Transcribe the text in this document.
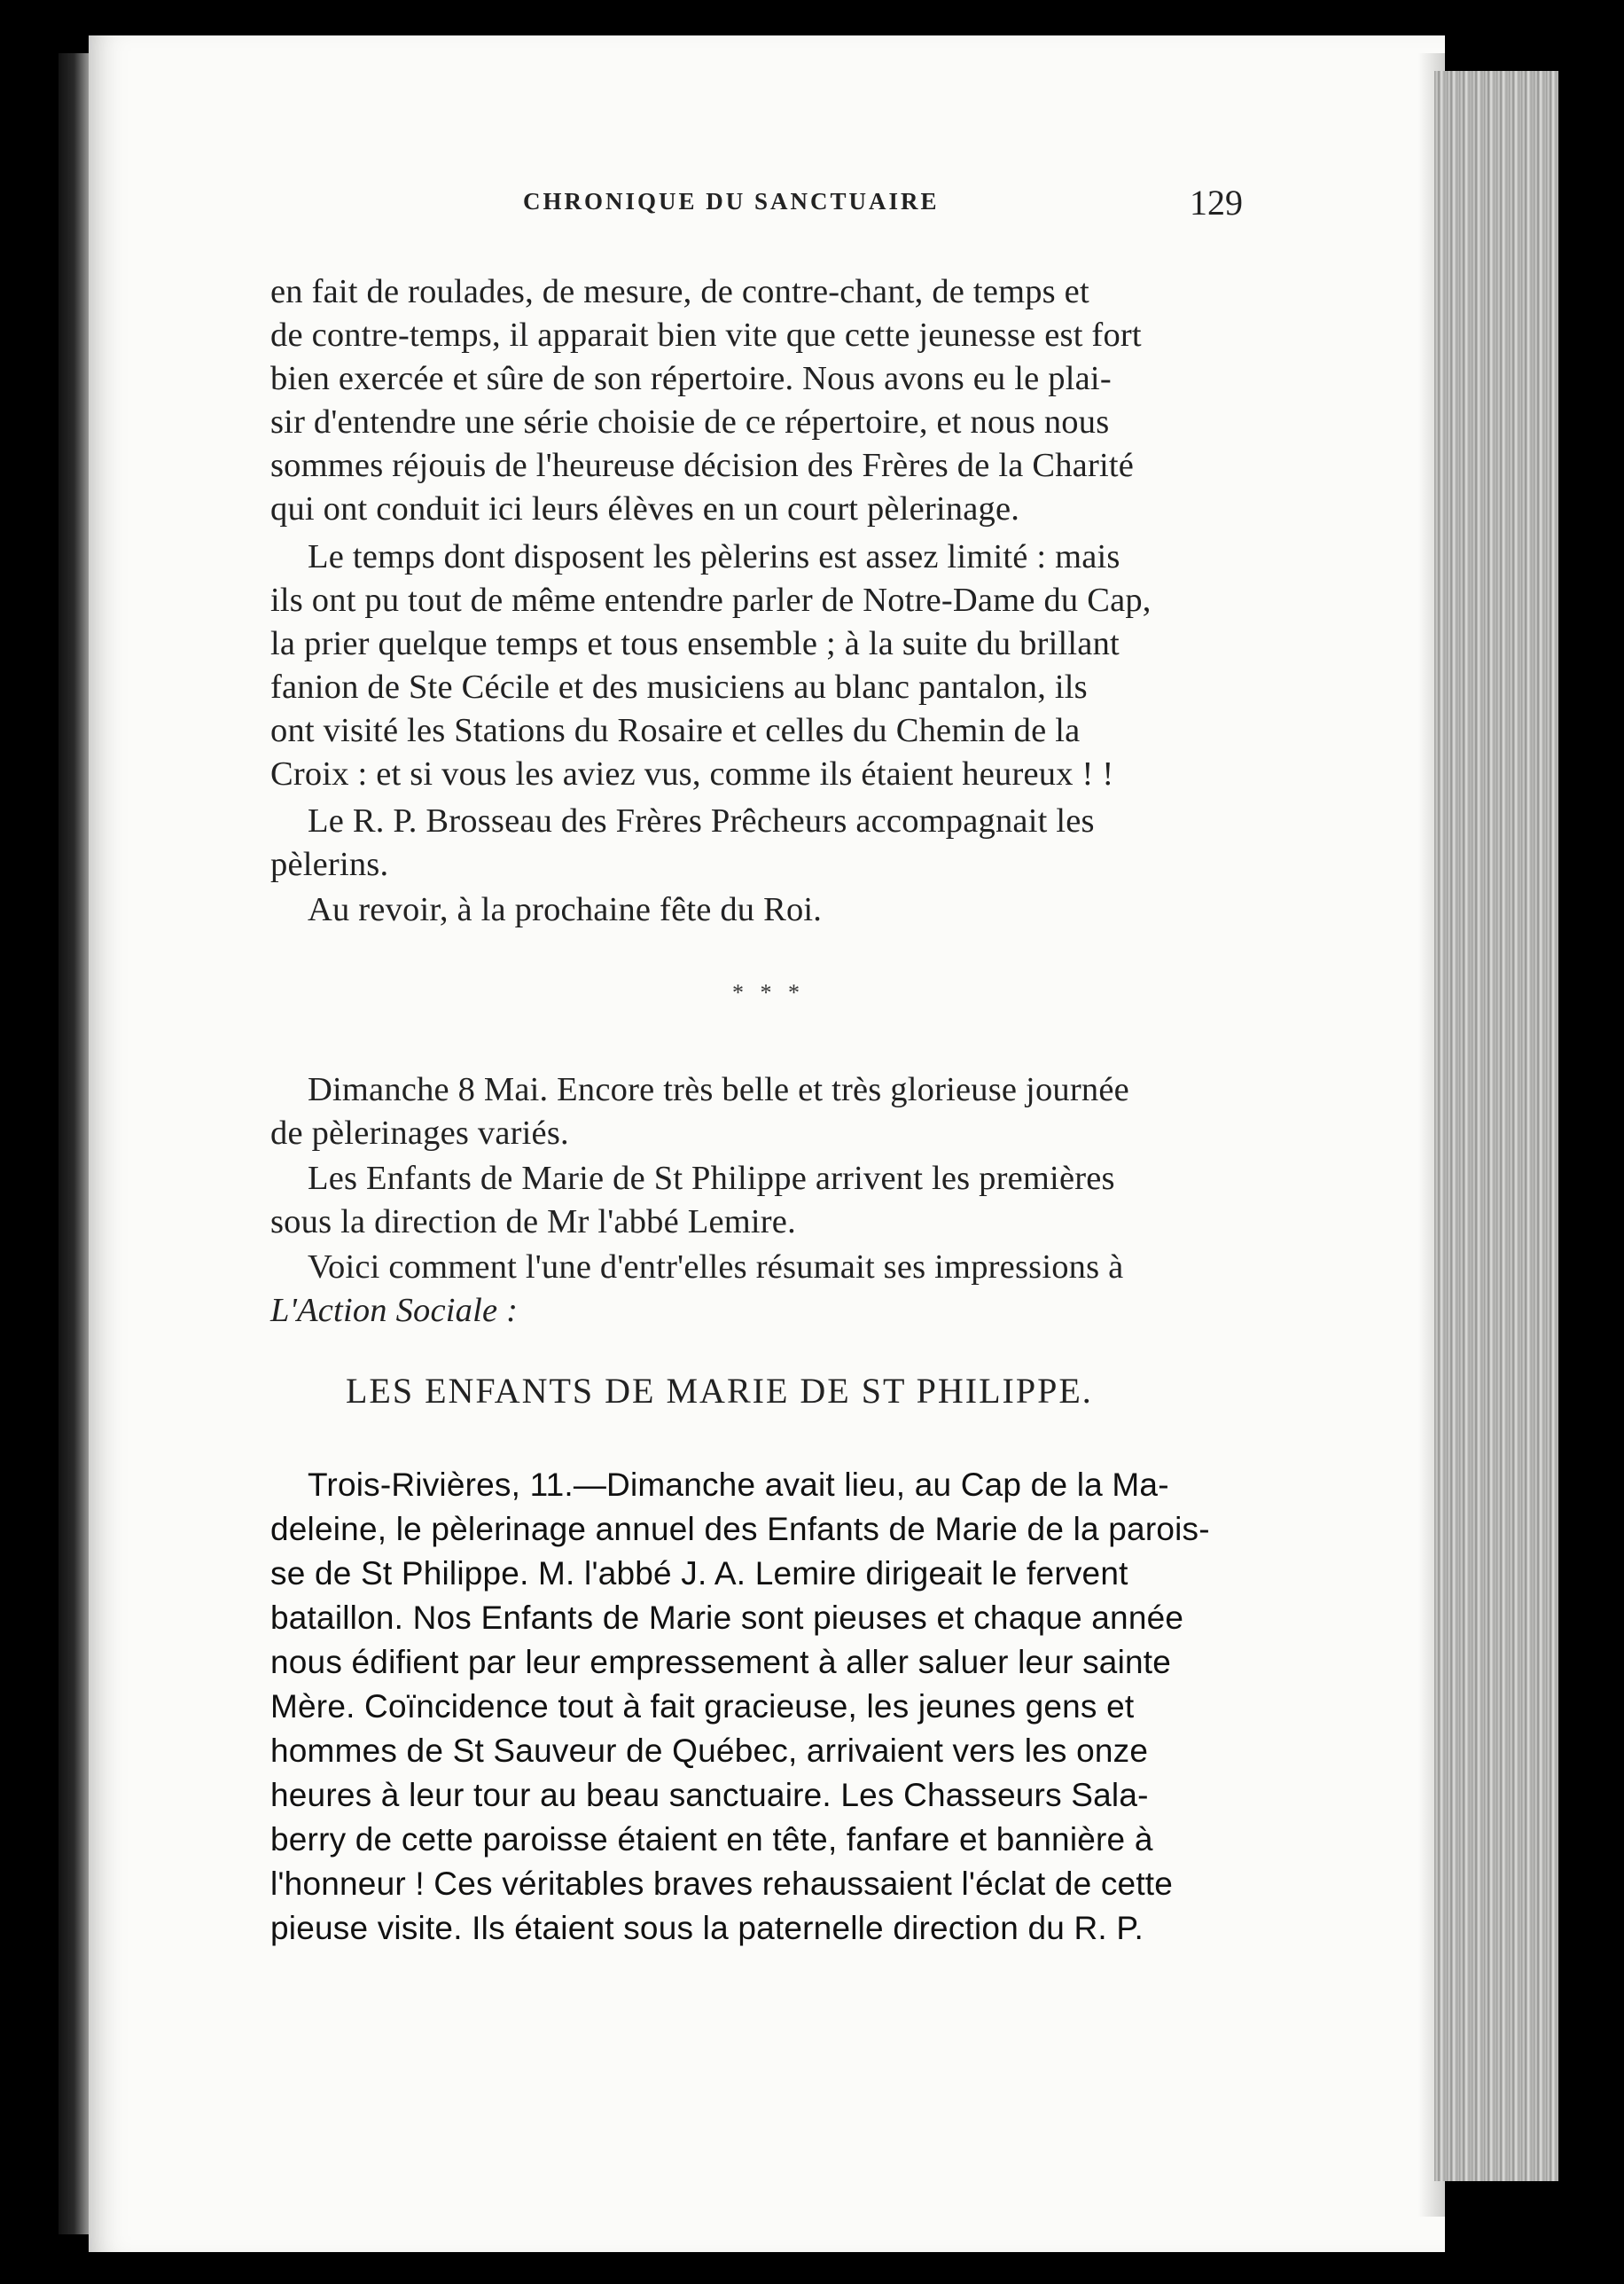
CHRONIQUE DU SANCTUAIRE	129
en fait de roulades, de mesure, de contre-chant, de temps et
de contre-temps, il apparait bien vite que cette jeunesse est fort
bien exercée et sûre de son répertoire. Nous avons eu le plai-
sir d'entendre une série choisie de ce répertoire, et nous nous
sommes réjouis de l'heureuse décision des Frères de la Charité
qui ont conduit ici leurs élèves en un court pèlerinage.
Le temps dont disposent les pèlerins est assez limité : mais
ils ont pu tout de même entendre parler de Notre-Dame du Cap,
la prier quelque temps et tous ensemble ; à la suite du brillant
fanion de Ste Cécile et des musiciens au blanc pantalon, ils
ont visité les Stations du Rosaire et celles du Chemin de la
Croix : et si vous les aviez vus, comme ils étaient heureux ! !
Le R. P. Brosseau des Frères Prêcheurs accompagnait les
pèlerins.
Au revoir, à la prochaine fête du Roi.
* * *
Dimanche 8 Mai. Encore très belle et très glorieuse journée
de pèlerinages variés.
Les Enfants de Marie de St Philippe arrivent les premières
sous la direction de Mr l'abbé Lemire.
Voici comment l'une d'entr'elles résumait ses impressions à
L'Action Sociale :
LES ENFANTS DE MARIE DE ST PHILIPPE.
Trois-Rivières, 11.—Dimanche avait lieu, au Cap de la Ma-
deleine, le pèlerinage annuel des Enfants de Marie de la parois-
se de St Philippe. M. l'abbé J. A. Lemire dirigeait le fervent
bataillon. Nos Enfants de Marie sont pieuses et chaque année
nous édifient par leur empressement à aller saluer leur sainte
Mère. Coïncidence tout à fait gracieuse, les jeunes gens et
hommes de St Sauveur de Québec, arrivaient vers les onze
heures à leur tour au beau sanctuaire. Les Chasseurs Sala-
berry de cette paroisse étaient en tête, fanfare et bannière à
l'honneur ! Ces véritables braves rehaussaient l'éclat de cette
pieuse visite. Ils étaient sous la paternelle direction du R. P.
